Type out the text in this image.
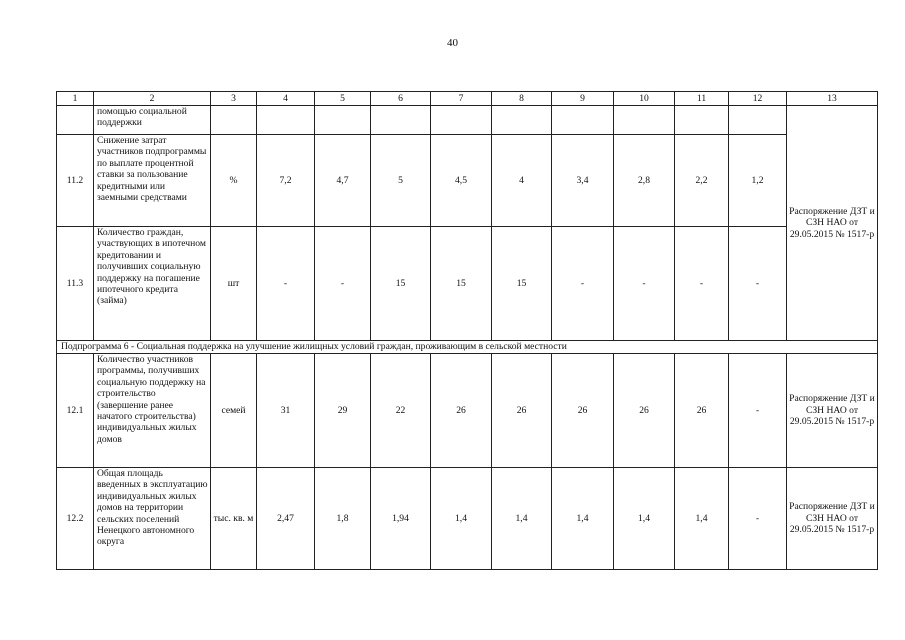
40
1	2	3	4	5	6	7	8	9	10	11	12	13
	помощью социальной поддержки											Распоряжение ДЗТ и СЗН НАО от 29.05.2015 № 1517-р
11.2	Снижение затрат участников подпрограммы по выплате процентной ставки за пользование кредитными или заемными средствами	%	7,2	4,7	5	4,5	4	3,4	2,8	2,2	1,2	
11.3	Количество граждан, участвующих в ипотечном кредитовании и получивших социальную поддержку на погашение ипотечного кредита (займа)	шт	-	-	15	15	15	-	-	-	-	
Подпрограмма 6 - Социальная поддержка на улучшение жилищных условий граждан, проживающим в сельской местности												
12.1	Количество участников программы, получивших социальную поддержку на строительство (завершение ранее начатого строительства) индивидуальных жилых домов	семей	31	29	22	26	26	26	26	26	-	Распоряжение ДЗТ и СЗН НАО от 29.05.2015 № 1517-р
12.2	Общая площадь введенных в эксплуатацию индивидуальных жилых домов на территории сельских поселений Ненецкого автономного округа	тыс. кв. м	2,47	1,8	1,94	1,4	1,4	1,4	1,4	1,4	-	Распоряжение ДЗТ и СЗН НАО от 29.05.2015 № 1517-р
